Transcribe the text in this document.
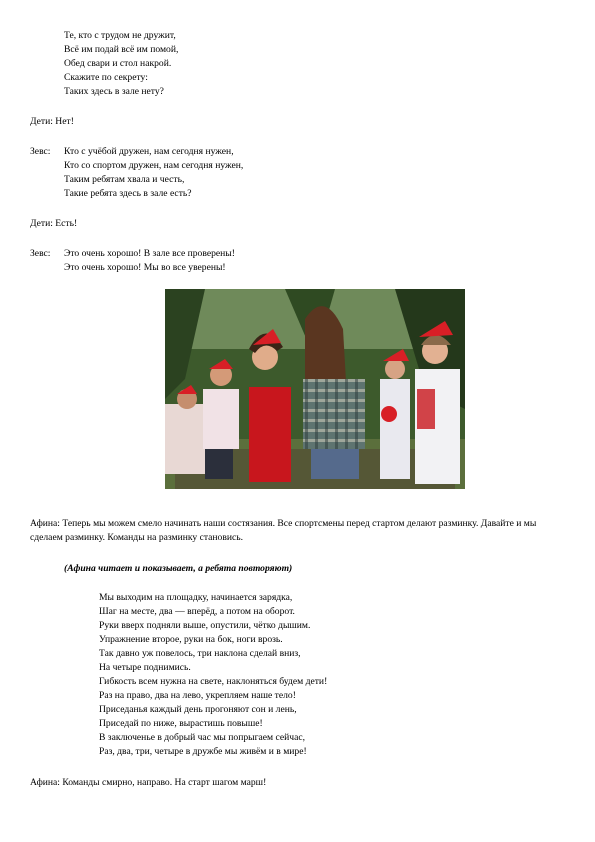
Те, кто с трудом не дружит,
Всё им подай всё им помой,
Обед свари и стол накрой.
Скажите по секрету:
Таких здесь в зале нету?
Дети: Нет!
Зевс: Кто с учёбой дружен, нам сегодня нужен,
Кто со спортом дружен, нам сегодня нужен,
Таким ребятам хвала и честь,
Такие ребята здесь в зале есть?
Дети: Есть!
Зевс: Это очень хорошо! В зале все проверены!
Это очень хорошо! Мы во все уверены!
Афина: Теперь мы можем смело начинать наши состязания. Все спортсмены перед стартом делают разминку. Давайте и мы сделаем разминку. Команды на разминку становись.
(Афина читает и показывает, а ребята повторяют)
Мы выходим на площадку, начинается зарядка,
Шаг на месте, два — вперёд, а потом на оборот.
Руки вверх подняли выше, опустили, чётко дышим.
Упражнение второе, руки на бок, ноги врозь.
Так давно уж повелось, три наклона сделай вниз,
На четыре поднимись.
Гибкость всем нужна на свете, наклоняться будем дети!
Раз на право, два на лево, укрепляем наше тело!
Приседанья каждый день прогоняют сон и лень,
Приседай по ниже, вырастишь повыше!
В заключенье в добрый час мы попрыгаем сейчас,
Раз, два, три, четыре в дружбе мы живём и в мире!
Афина: Команды смирно, направо. На старт шагом марш!
